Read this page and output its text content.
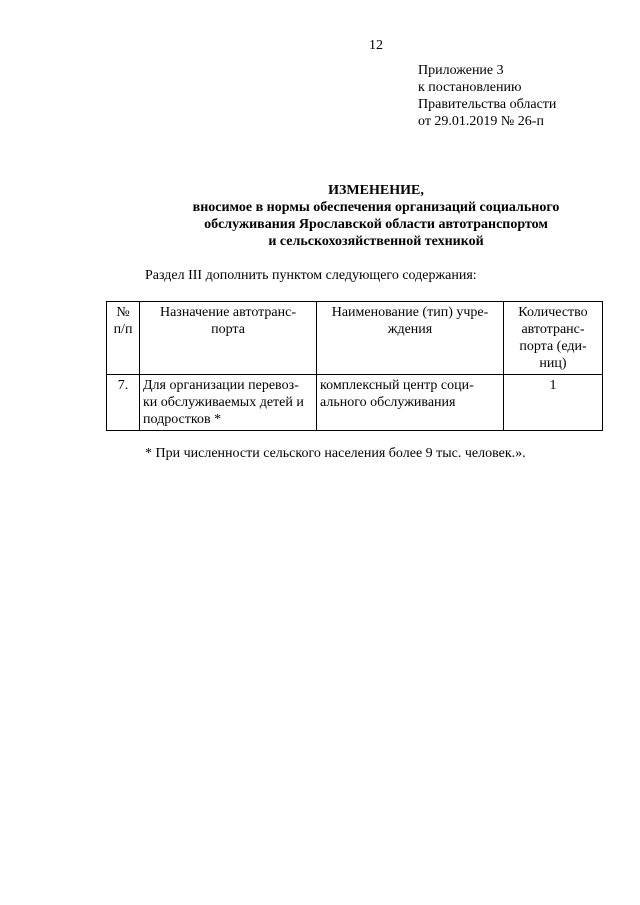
12
Приложение 3
к постановлению
Правительства области
от 29.01.2019 № 26-п
ИЗМЕНЕНИЕ,
вносимое в нормы обеспечения организаций социального
обслуживания Ярославской области автотранспортом
и сельскохозяйственной техникой
Раздел III дополнить пунктом следующего содержания:
№ п/п	Назначение автотранс- порта	Наименование (тип) учре- ждения	Количество автотранс- порта (еди- ниц)
7.	Для организации перевоз- ки обслуживаемых детей и подростков *	комплексный центр соци- ального обслуживания	1
* При численности сельского населения более 9 тыс. человек.».
